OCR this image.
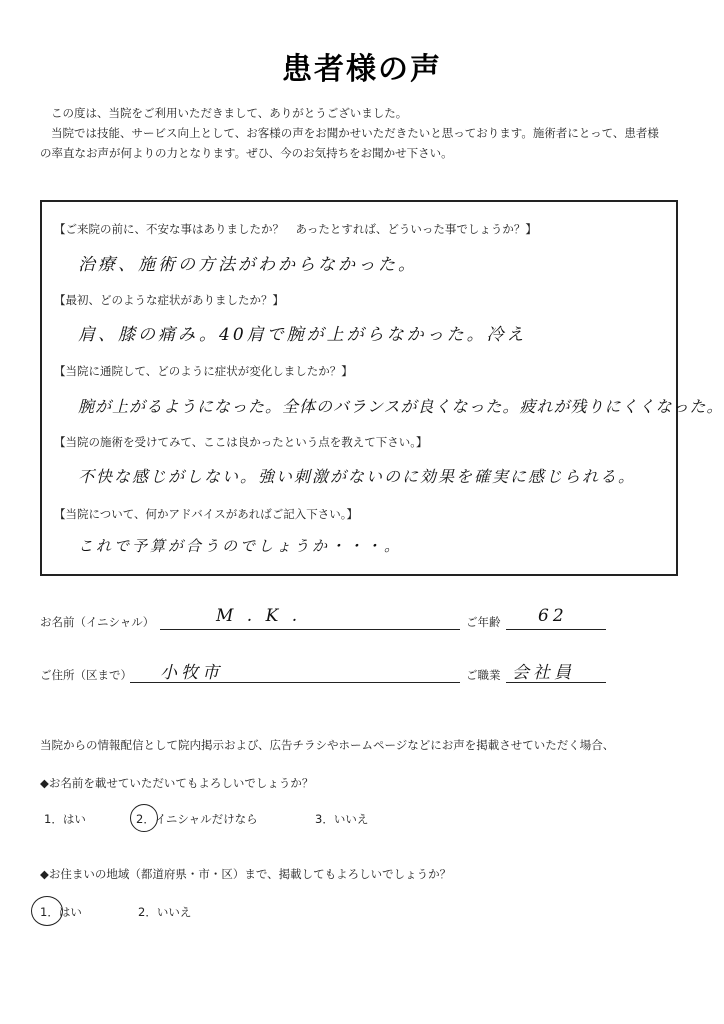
患者様の声

この度は、当院をご利用いただきまして、ありがとうございました。

当院では技能、サービス向上として、お客様の声をお聞かせいただきたいと思っております。施術者にとって、患者様

の率直なお声が何よりの力となります。ぜひ、今のお気持ちをお聞かせ下さい。

【ご来院の前に、不安な事はありましたか？　あったとすれば、どういった事でしょうか？】
治療、施術の方法がわからなかった。
【最初、どのような症状がありましたか？】
肩、膝の痛み。40肩で腕が上がらなかった。冷え
【当院に通院して、どのように症状が変化しましたか？】
腕が上がるようになった。全体のバランスが良くなった。疲れが残りにくくなった。
【当院の施術を受けてみて、ここは良かったという点を教えて下さい。】
不快な感じがしない。強い刺激がないのに効果を確実に感じられる。
【当院について、何かアドバイスがあればご記入下さい。】
これで予算が合うのでしょうか・・・。
お名前（イニシャル）	M . K .	ご年齢 62
ご住所（区まで） 小牧市	ご職業 会社員
当院からの情報配信として院内掲示および、広告チラシやホームページなどにお声を掲載させていただく場合、
◆お名前を載せていただいてもよろしいでしょうか？
1．はい	2．イニシャルだけなら	3．いいえ
◆お住まいの地域（都道府県・市・区）まで、掲載してもよろしいでしょうか？
1．はい	2．いいえ
